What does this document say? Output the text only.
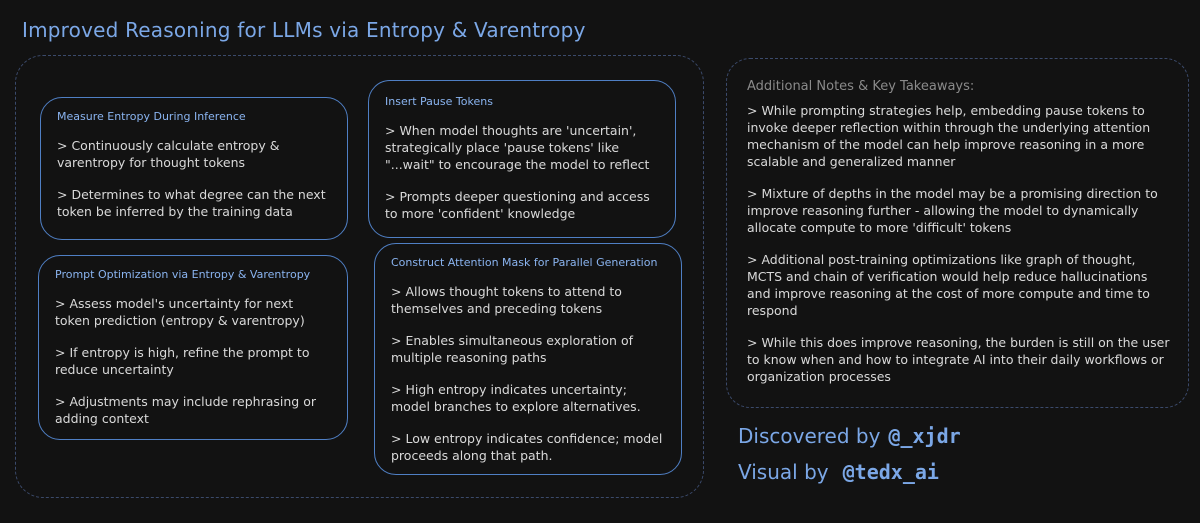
Improved Reasoning for LLMs via Entropy & Varentropy
Measure Entropy During Inference

> Continuously calculate entropy & varentropy for thought tokens

> Determines to what degree can the next token be inferred by the training data

Insert Pause Tokens

> When model thoughts are 'uncertain', strategically place 'pause tokens' like "...wait" to encourage the model to reflect

> Prompts deeper questioning and access to more 'confident' knowledge

Prompt Optimization via Entropy & Varentropy

> Assess model's uncertainty for next token prediction (entropy & varentropy)

> If entropy is high, refine the prompt to reduce uncertainty

> Adjustments may include rephrasing or adding context

Construct Attention Mask for Parallel Generation

> Allows thought tokens to attend to themselves and preceding tokens

> Enables simultaneous exploration of multiple reasoning paths

> High entropy indicates uncertainty; model branches to explore alternatives.

> Low entropy indicates confidence; model proceeds along that path.

Additional Notes & Key Takeaways:

> While prompting strategies help, embedding pause tokens to invoke deeper reflection within through the underlying attention mechanism of the model can help improve reasoning in a more scalable and generalized manner

> Mixture of depths in the model may be a promising direction to improve reasoning further - allowing the model to dynamically allocate compute to more 'difficult' tokens

> Additional post-training optimizations like graph of thought, MCTS and chain of verification would help reduce hallucinations and improve reasoning at the cost of more compute and time to respond

> While this does improve reasoning, the burden is still on the user to know when and how to integrate AI into their daily workflows or organization processes

Discovered by @_xjdr
Visual by @tedx_ai
